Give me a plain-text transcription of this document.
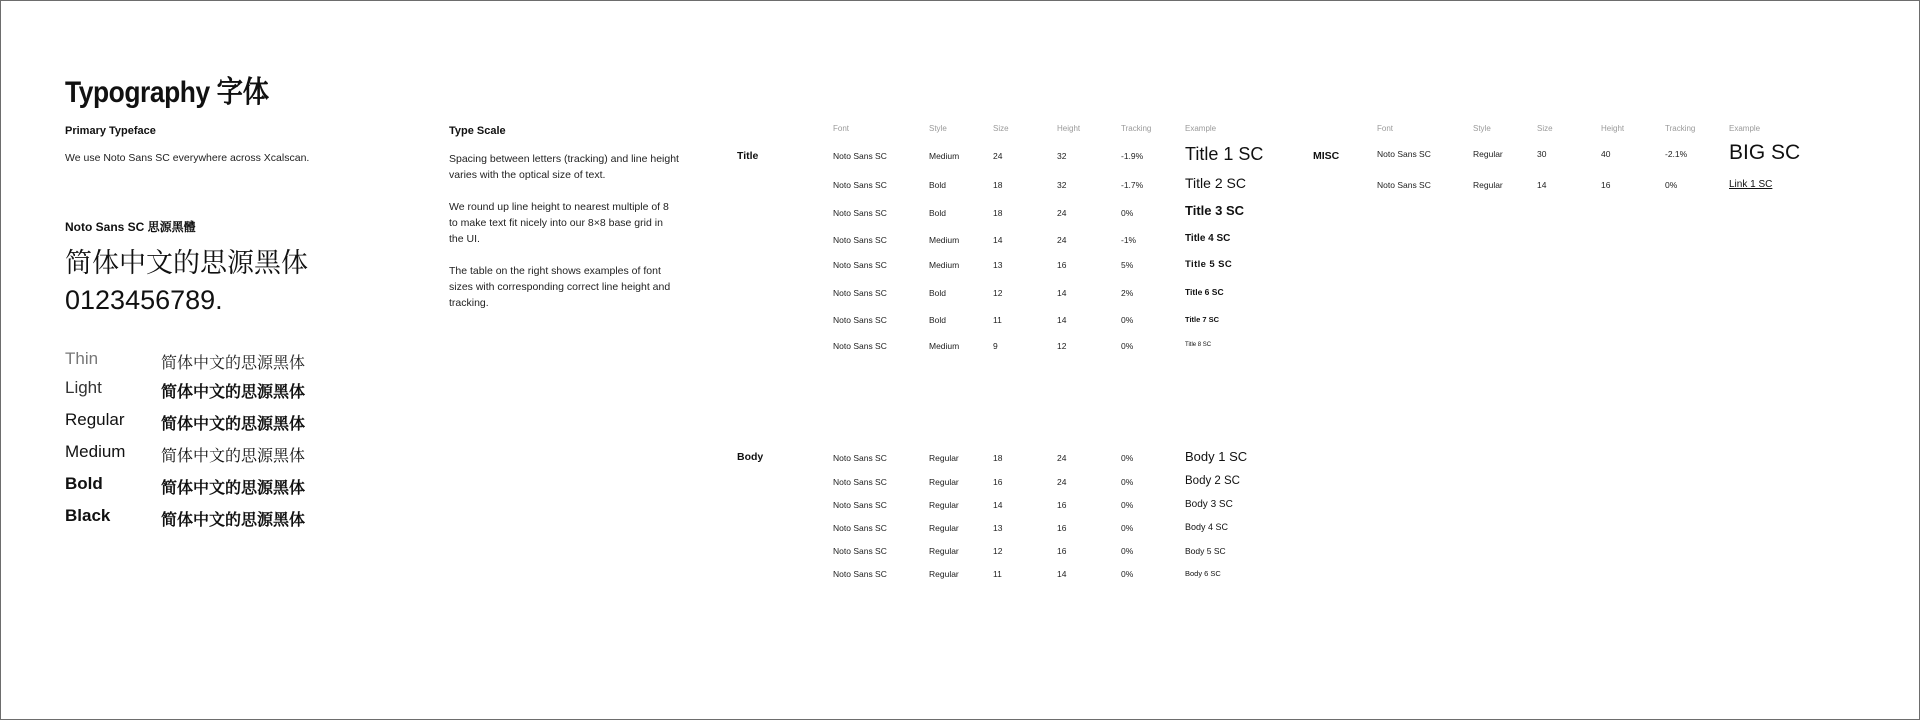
Typography 字体
Primary Typeface
We use Noto Sans SC everywhere across Xcalscan.
Noto Sans SC 思源黑體
简体中文的思源黑体
0123456789.
Thin	简体中文的思源黑体
Light	简体中文的思源黑体
Regular 简体中文的思源黑体
Medium 简体中文的思源黑体
Bold	简体中文的思源黑体
Black	简体中文的思源黑体
Type Scale
Spacing between letters (tracking) and line height varies with the optical size of text.
We round up line height to nearest multiple of 8 to make text fit nicely into our 8×8 base grid in the UI.
The table on the right shows examples of font sizes with corresponding correct line height and tracking.
Font	Style	Size	Height	Tracking	Example
Title	Noto Sans SC	Medium	24	32	-1.9% Title 1 SC
Noto Sans SC	Bold	18	32	-1.7%	Title 2 SC
Noto Sans SC	Bold	18	24	0%	Title 3 SC
Noto Sans SC	Medium	14	24	-1%	Title 4 SC
Noto Sans SC	Medium	13	16	5%	Title 5 SC
Noto Sans SC	Bold	12	14	2%	Title 6 SC
Noto Sans SC	Bold	11	14	0%	Title 7 SC
Noto Sans SC	Medium	9	12	0%	Title 8 SC
Body	Noto Sans SC	Regular	18	24	0%	Body 1 SC
Noto Sans SC	Regular	16	24	0%	Body 2 SC
Noto Sans SC	Regular	14	16	0%	Body 3 SC
Noto Sans SC	Regular	13	16	0%	Body 4 SC
Noto Sans SC	Regular	12	16	0%	Body 5 SC
Noto Sans SC	Regular	11	14	0%	Body 6 SC
MISC
Font	Style	Size	Height	Tracking	Example
Noto Sans SC	Regular	30	40	-2.1% BIG SC
Noto Sans SC	Regular	14	16	0%	Link 1 SC
